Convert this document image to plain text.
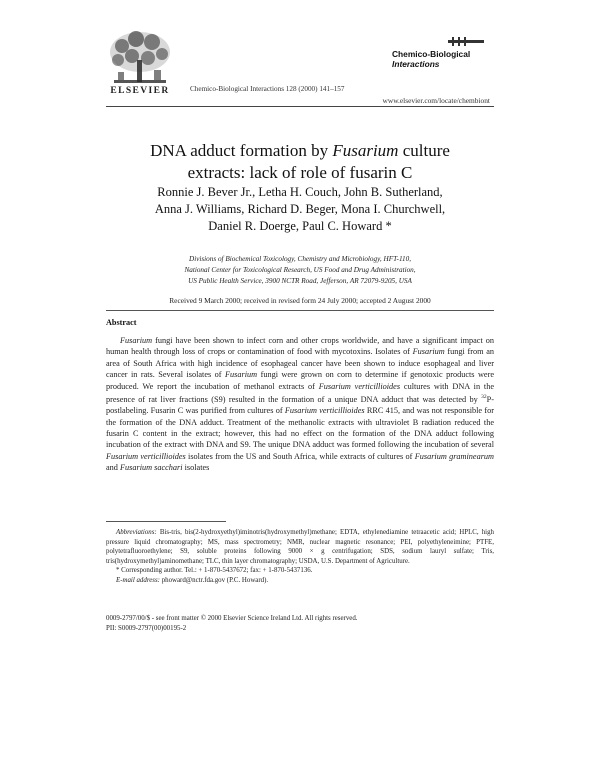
ELSEVIER	Chemico-Biological Interactions 128 (2000) 141–157
Chemico-Biological
Interactions
www.elsevier.com/locate/chembiont
DNA adduct formation by Fusarium culture
extracts: lack of role of fusarin C
Ronnie J. Bever Jr., Letha H. Couch, John B. Sutherland,
Anna J. Williams, Richard D. Beger, Mona I. Churchwell,
Daniel R. Doerge, Paul C. Howard *
Divisions of Biochemical Toxicology, Chemistry and Microbiology, HFT-110,
National Center for Toxicological Research, US Food and Drug Administration,
US Public Health Service, 3900 NCTR Road, Jefferson, AR 72079-9205, USA
Received 9 March 2000; received in revised form 24 July 2000; accepted 2 August 2000
Abstract
Fusarium fungi have been shown to infect corn and other crops worldwide, and have a significant impact on human health through loss of crops or contamination of food with mycotoxins. Isolates of Fusarium fungi from an area of South Africa with high incidence of esophageal cancer have been shown to induce esophageal and liver cancer in rats. Several isolates of Fusarium fungi were grown on corn to determine if genotoxic products were produced. We report the incubation of methanol extracts of Fusarium verticillioides cultures with DNA in the presence of rat liver fractions (S9) resulted in the formation of a unique DNA adduct that was detected by $^{32}$P-postlabeling. Fusarin C was purified from cultures of Fusarium verticillioides RRC 415, and was not responsible for the formation of the DNA adduct. Treatment of the methanolic extracts with ultraviolet B radiation reduced the fusarin C content in the extract; however, this had no effect on the formation of the DNA adduct following incubation of the extract with DNA and S9. The unique DNA adduct was formed following the incubation of several Fusarium verticillioides isolates from the US and South Africa, while extracts of cultures of Fusarium graminearum and Fusarium sacchari isolates
Abbreviations: Bis-tris, bis(2-hydroxyethyl)iminotris(hydroxymethyl)methane; EDTA, ethylenediamine tetraacetic acid; HPLC, high pressure liquid chromatography; MS, mass spectrometry; NMR, nuclear magnetic resonance; PEI, polyethyleneimine; PTFE, polytetrafluoroethylene; S9, soluble proteins following 9000 × g centrifugation; SDS, sodium lauryl sulfate; Tris, tris(hydroxymethyl)aminomethane; TLC, thin layer chromatography; USDA, U.S. Department of Agriculture.
* Corresponding author. Tel.: + 1-870-5437672; fax: + 1-870-5437136.
E-mail address: phoward@nctr.fda.gov (P.C. Howard).
0009-2797/00/$ - see front matter © 2000 Elsevier Science Ireland Ltd. All rights reserved.
PII: S0009-2797(00)00195-2
